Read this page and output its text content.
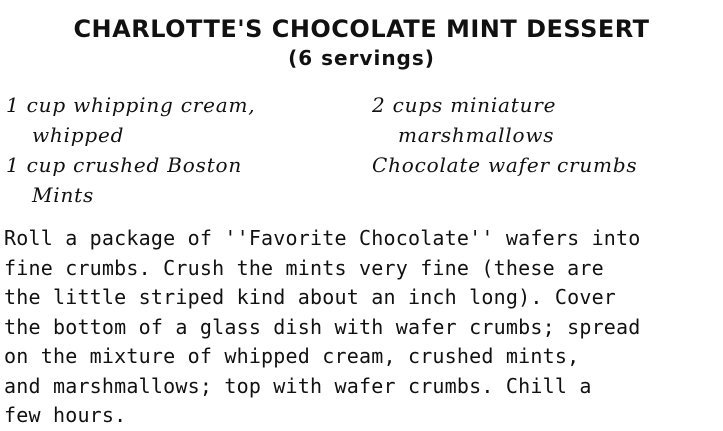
CHARLOTTE'S CHOCOLATE MINT DESSERT
(6 servings)
1 cup whipping cream,
whipped
1 cup crushed Boston
Mints
2 cups miniature
marshmallows
Chocolate wafer crumbs
Roll a package of ''Favorite Chocolate'' wafers into
fine crumbs. Crush the mints very fine (these are
the little striped kind about an inch long). Cover
the bottom of a glass dish with wafer crumbs; spread
on the mixture of whipped cream, crushed mints,
and marshmallows; top with wafer crumbs. Chill a
few hours.
